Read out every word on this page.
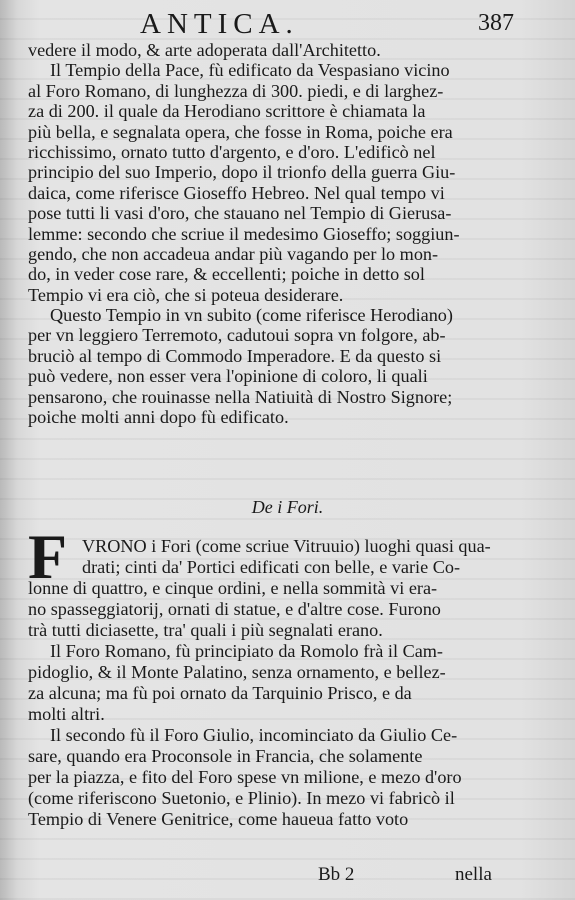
ANTICA.	387
vedere il modo, & arte adoperata dall'Architetto.
Il Tempio della Pace, fù edificato da Vespasiano vicino
al Foro Romano, di lunghezza di 300. piedi, e di larghez-
za di 200. il quale da Herodiano scrittore è chiamata la
più bella, e segnalata opera, che fosse in Roma, poiche era
ricchissimo, ornato tutto d'argento, e d'oro. L'edificò nel
principio del suo Imperio, dopo il trionfo della guerra Giu-
daica, come riferisce Gioseffo Hebreo. Nel qual tempo vi
pose tutti li vasi d'oro, che stauano nel Tempio di Gierusa-
lemme: secondo che scriue il medesimo Gioseffo; soggiun-
gendo, che non accadeua andar più vagando per lo mon-
do, in veder cose rare, & eccellenti; poiche in detto sol
Tempio vi era ciò, che si poteua desiderare.
Questo Tempio in vn subito (come riferisce Herodiano)
per vn leggiero Terremoto, cadutoui sopra vn folgore, ab-
bruciò al tempo di Commodo Imperadore. E da questo si
può vedere, non esser vera l'opinione di coloro, li quali
pensarono, che rouinasse nella Natiuità di Nostro Signore;
poiche molti anni dopo fù edificato.
De i Fori.
F VRONO i Fori (come scriue Vitruuio) luoghi quasi qua-
drati; cinti da' Portici edificati con belle, e varie Co-
lonne di quattro, e cinque ordini, e nella sommità vi era-
no spasseggiatorij, ornati di statue, e d'altre cose. Furono
trà tutti diciasette, tra' quali i più segnalati erano.
Il Foro Romano, fù principiato da Romolo frà il Cam-
pidoglio, & il Monte Palatino, senza ornamento, e bellez-
za alcuna; ma fù poi ornato da Tarquinio Prisco, e da
molti altri.
Il secondo fù il Foro Giulio, incominciato da Giulio Ce-
sare, quando era Proconsole in Francia, che solamente
per la piazza, e fito del Foro spese vn milione, e mezo d'oro
(come riferiscono Suetonio, e Plinio). In mezo vi fabricò il
Tempio di Venere Genitrice, come haueua fatto voto
Bb 2	nella
